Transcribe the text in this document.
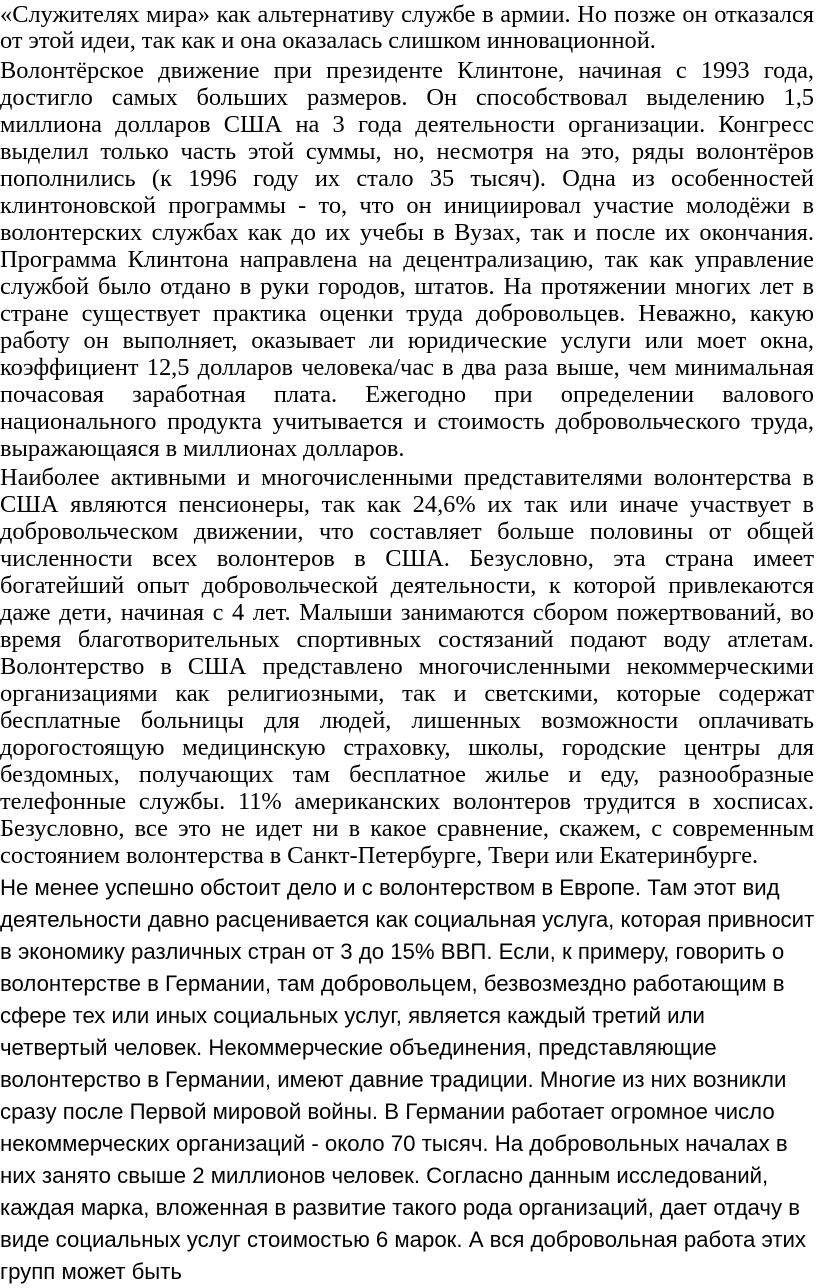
«Служителях мира» как альтернативу службе в армии. Но позже он отказался от этой идеи, так как и она оказалась слишком инновационной.

Волонтёрское движение при президенте Клинтоне, начиная с 1993 года, достигло самых больших размеров. Он способствовал выделению 1,5 миллиона долларов США на 3 года деятельности организации. Конгресс выделил только часть этой суммы, но, несмотря на это, ряды волонтёров пополнились (к 1996 году их стало 35 тысяч). Одна из особенностей клинтоновской программы - то, что он инициировал участие молодёжи в волонтерских службах как до их учебы в Вузах, так и после их окончания. Программа Клинтона направлена на децентрализацию, так как управление службой было отдано в руки городов, штатов. На протяжении многих лет в стране существует практика оценки труда добровольцев. Неважно, какую работу он выполняет, оказывает ли юридические услуги или моет окна, коэффициент 12,5 долларов человека/час в два раза выше, чем минимальная почасовая заработная плата. Ежегодно при определении валового национального продукта учитывается и стоимость добровольческого труда, выражающаяся в миллионах долларов.

Наиболее активными и многочисленными представителями волонтерства в США являются пенсионеры, так как 24,6% их так или иначе участвует в добровольческом движении, что составляет больше половины от общей численности всех волонтеров в США. Безусловно, эта страна имеет богатейший опыт добровольческой деятельности, к которой привлекаются даже дети, начиная с 4 лет. Малыши занимаются сбором пожертвований, во время благотворительных спортивных состязаний подают воду атлетам. Волонтерство в США представлено многочисленными некоммерческими организациями как религиозными, так и светскими, которые содержат бесплатные больницы для людей, лишенных возможности оплачивать дорогостоящую медицинскую страховку, школы, городские центры для бездомных, получающих там бесплатное жилье и еду, разнообразные телефонные службы. 11% американских волонтеров трудится в хосписах. Безусловно, все это не идет ни в какое сравнение, скажем, с современным состоянием волонтерства в Санкт-Петербурге, Твери или Екатеринбурге.

Не менее успешно обстоит дело и с волонтерством в Европе. Там этот вид деятельности давно расценивается как социальная услуга, которая привносит в экономику различных стран от 3 до 15% ВВП. Если, к примеру, говорить о волонтерстве в Германии, там добровольцем, безвозмездно работающим в сфере тех или иных социальных услуг, является каждый третий или четвертый человек. Некоммерческие объединения, представляющие волонтерство в Германии, имеют давние традиции. Многие из них возникли сразу после Первой мировой войны. В Германии работает огромное число некоммерческих организаций - около 70 тысяч. На добровольных началах в них занято свыше 2 миллионов человек. Согласно данным исследований, каждая марка, вложенная в развитие такого рода организаций, дает отдачу в виде социальных услуг стоимостью 6 марок. А вся добровольная работа этих групп может быть
